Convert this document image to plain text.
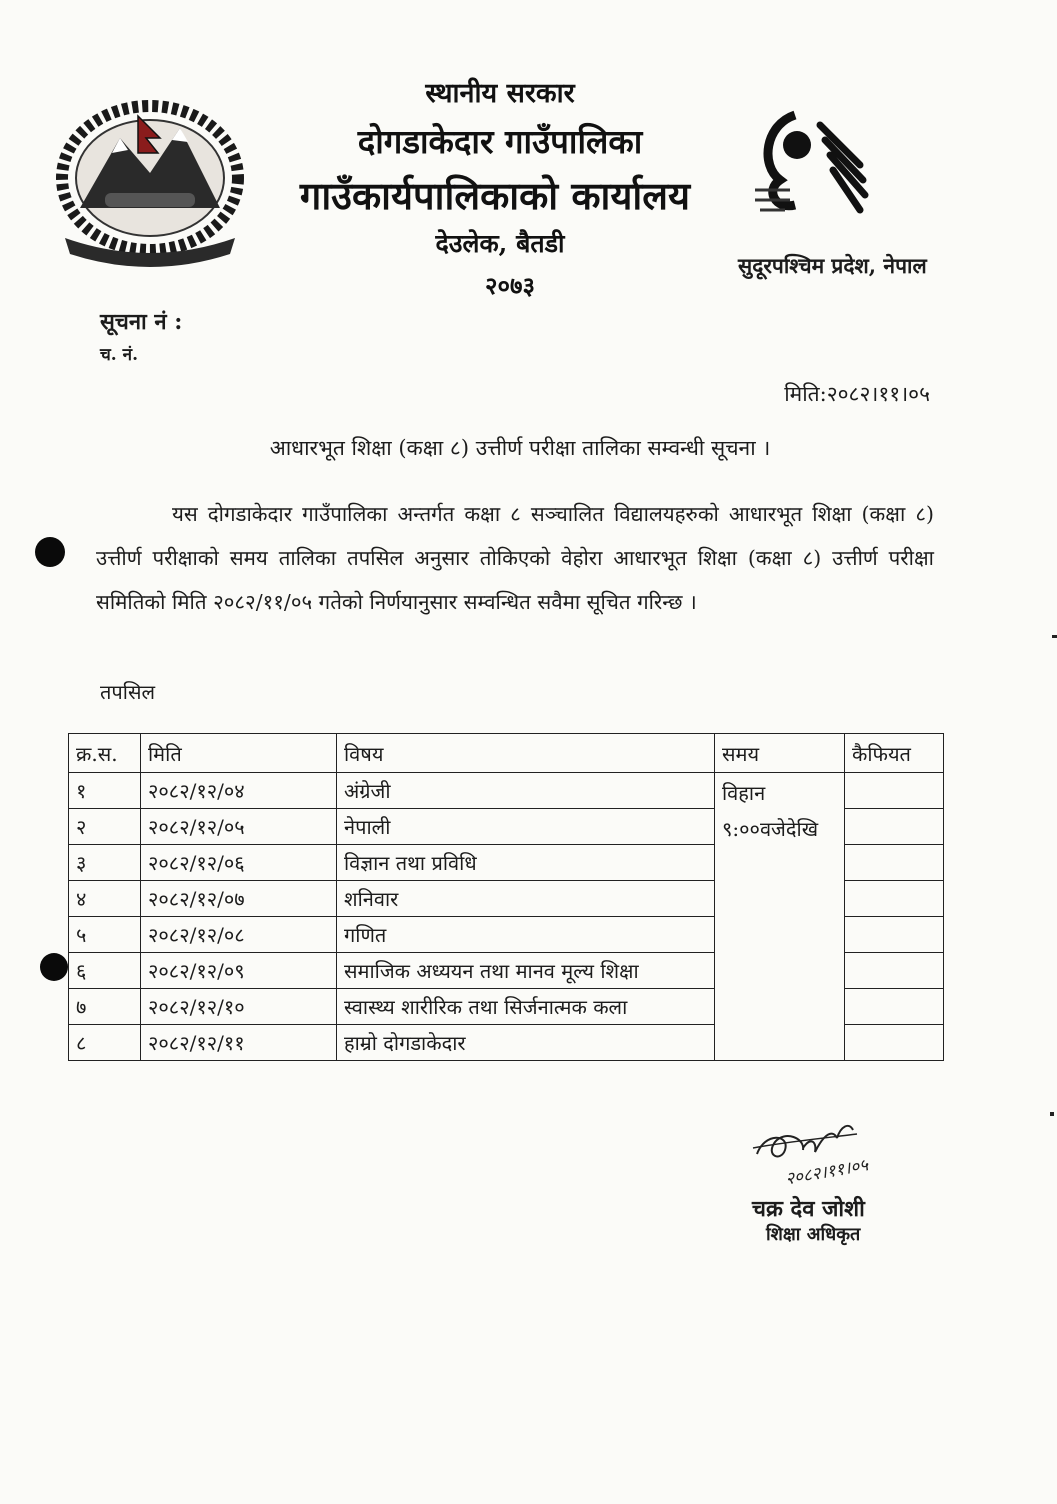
स्थानीय सरकार
दोगडाकेदार गाउँपालिका
गाउँकार्यपालिकाको कार्यालय
देउलेक, बैतडी
२०७३
सुदूरपश्चिम प्रदेश, नेपाल
सूचना नं :
च. नं.
मिति:२०८२।११।०५
आधारभूत शिक्षा (कक्षा ८) उत्तीर्ण परीक्षा तालिका सम्वन्धी सूचना ।
यस दोगडाकेदार गाउँपालिका अन्तर्गत कक्षा ८ सञ्चालित विद्यालयहरुको आधारभूत शिक्षा (कक्षा ८) उत्तीर्ण परीक्षाको समय तालिका तपसिल अनुसार तोकिएको वेहोरा आधारभूत शिक्षा (कक्षा ८) उत्तीर्ण परीक्षा समितिको मिति २०८२/११/०५ गतेको निर्णयानुसार सम्वन्धित सवैमा सूचित गरिन्छ ।
तपसिल
क्र.स.	मिति	विषय	समय	कैफियत
१	२०८२/१२/०४	अंग्रेजी	विहान
९:००वजेदेखि	

२	२०८२/१२/०५	नेपाली		
३	२०८२/१२/०६	विज्ञान तथा प्रविधि		
४	२०८२/१२/०७	शनिवार		
५	२०८२/१२/०८	गणित		
६	२०८२/१२/०९	समाजिक अध्ययन तथा मानव मूल्य शिक्षा		
७	२०८२/१२/१०	स्वास्थ्य शारीरिक तथा सिर्जनात्मक कला		
८	२०८२/१२/११	हाम्रो दोगडाकेदार		
२०८२।११।०५
चक्र देव जोशी
शिक्षा अधिकृत
